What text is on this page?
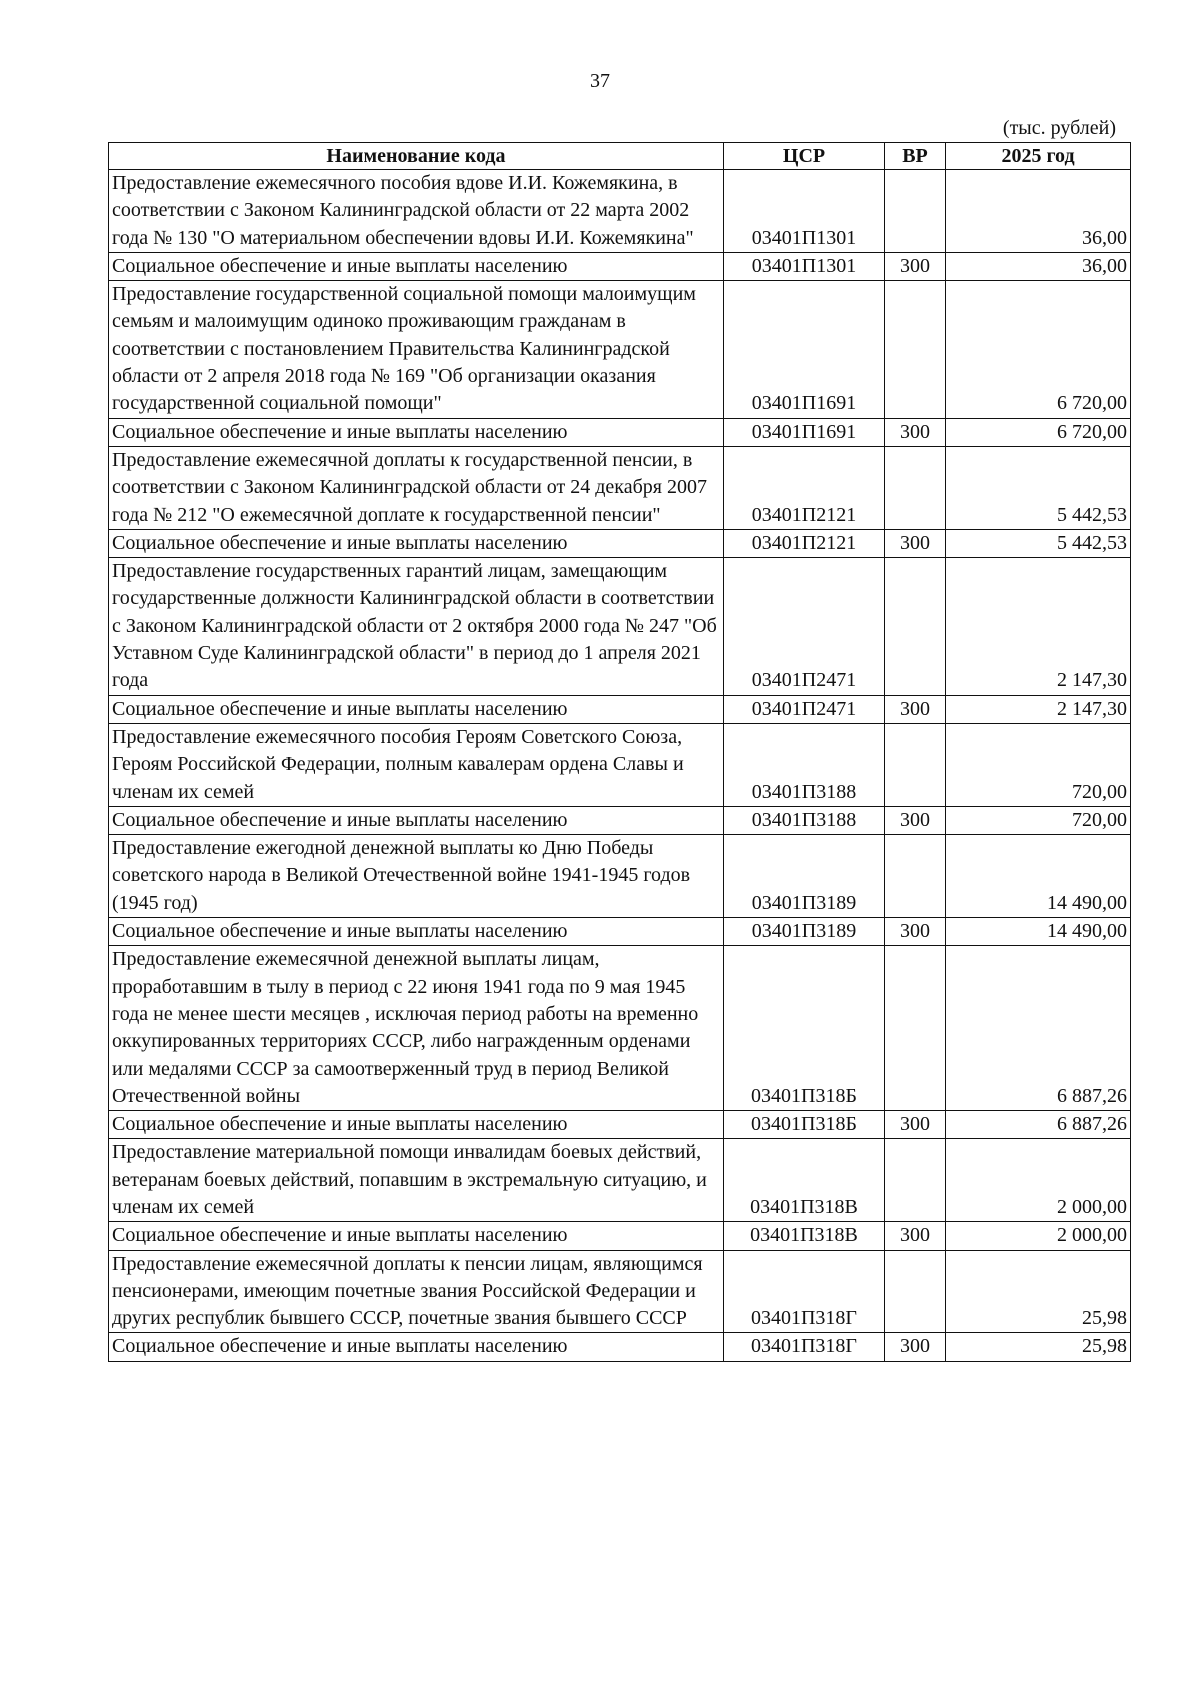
37
(тыс. рублей)
Наименование кода	ЦСР	ВР	2025 год
Предоставление ежемесячного пособия вдове И.И. Кожемякина, в соответствии с Законом Калининградской области от 22 марта 2002 года № 130 "О материальном обеспечении вдовы И.И. Кожемякина"	03401П1301		36,00
Социальное обеспечение и иные выплаты населению	03401П1301	300	36,00
Предоставление государственной социальной помощи малоимущим семьям и малоимущим одиноко проживающим гражданам в соответствии с постановлением Правительства Калининградской области от 2 апреля 2018 года № 169 "Об организации оказания государственной социальной помощи"	03401П1691		6 720,00
Социальное обеспечение и иные выплаты населению	03401П1691	300	6 720,00
Предоставление ежемесячной доплаты к государственной пенсии, в соответствии с Законом Калининградской области от 24 декабря 2007 года № 212 "О ежемесячной доплате к государственной пенсии"	03401П2121		5 442,53
Социальное обеспечение и иные выплаты населению	03401П2121	300	5 442,53
Предоставление государственных гарантий лицам, замещающим государственные должности Калининградской области в соответствии с Законом Калининградской области от 2 октября 2000 года № 247 "Об Уставном Суде Калининградской области" в период до 1 апреля 2021 года	03401П2471		2 147,30
Социальное обеспечение и иные выплаты населению	03401П2471	300	2 147,30
Предоставление ежемесячного пособия Героям Советского Союза, Героям Российской Федерации, полным кавалерам ордена Славы и членам их семей	03401П3188		720,00
Социальное обеспечение и иные выплаты населению	03401П3188	300	720,00
Предоставление ежегодной денежной выплаты ко Дню Победы советского народа в Великой Отечественной войне 1941-1945 годов (1945 год)	03401П3189		14 490,00
Социальное обеспечение и иные выплаты населению	03401П3189	300	14 490,00
Предоставление ежемесячной денежной выплаты лицам, проработавшим в тылу в период с 22 июня 1941 года по 9 мая 1945 года не менее шести месяцев , исключая период работы на временно оккупированных территориях СССР, либо награжденным орденами или медалями СССР за самоотверженный труд в период Великой Отечественной войны	03401П318Б		6 887,26
Социальное обеспечение и иные выплаты населению	03401П318Б	300	6 887,26
Предоставление материальной помощи инвалидам боевых действий, ветеранам боевых действий, попавшим в экстремальную ситуацию, и членам их семей	03401П318В		2 000,00
Социальное обеспечение и иные выплаты населению	03401П318В	300	2 000,00
Предоставление ежемесячной доплаты к пенсии лицам, являющимся пенсионерами, имеющим почетные звания Российской Федерации и других республик бывшего СССР, почетные звания бывшего СССР	03401П318Г		25,98
Социальное обеспечение и иные выплаты населению	03401П318Г	300	25,98
